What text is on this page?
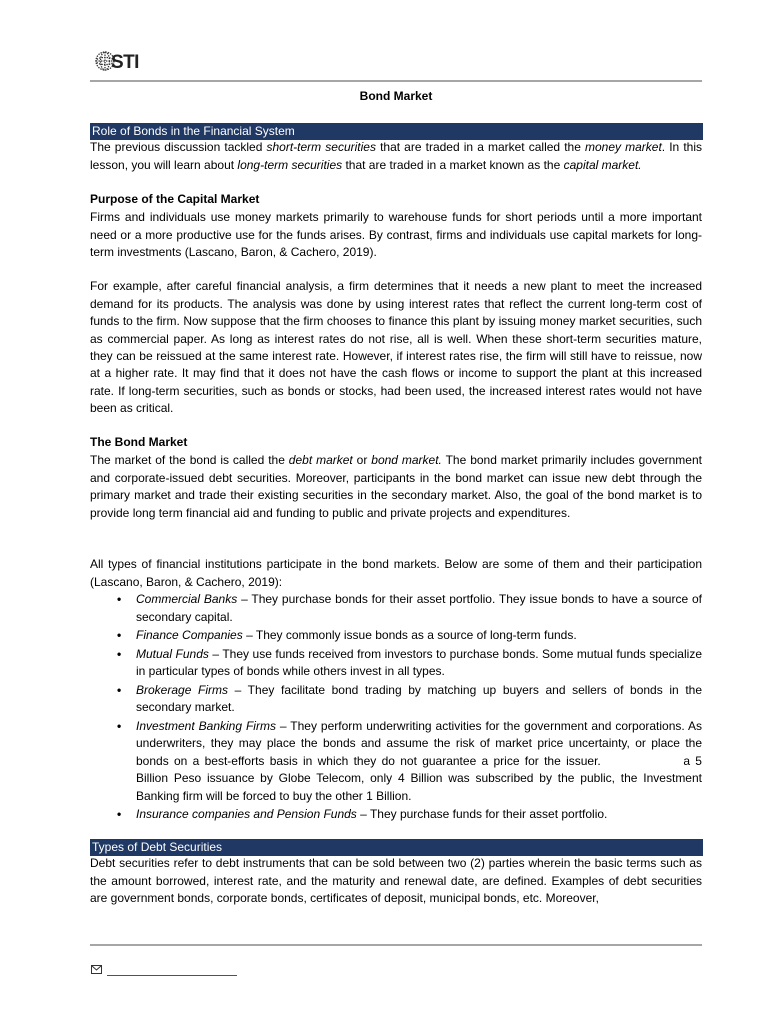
STI
Bond Market
Role of Bonds in the Financial System
The previous discussion tackled short-term securities that are traded in a market called the money market. In this lesson, you will learn about long-term securities that are traded in a market known as the capital market.
Purpose of the Capital Market
Firms and individuals use money markets primarily to warehouse funds for short periods until a more important need or a more productive use for the funds arises. By contrast, firms and individuals use capital markets for long-term investments (Lascano, Baron, & Cachero, 2019).
For example, after careful financial analysis, a firm determines that it needs a new plant to meet the increased demand for its products. The analysis was done by using interest rates that reflect the current long-term cost of funds to the firm. Now suppose that the firm chooses to finance this plant by issuing money market securities, such as commercial paper. As long as interest rates do not rise, all is well. When these short-term securities mature, they can be reissued at the same interest rate. However, if interest rates rise, the firm will still have to reissue, now at a higher rate. It may find that it does not have the cash flows or income to support the plant at this increased rate. If long-term securities, such as bonds or stocks, had been used, the increased interest rates would not have been as critical.
The Bond Market
The market of the bond is called the debt market or bond market. The bond market primarily includes government and corporate-issued debt securities. Moreover, participants in the bond market can issue new debt through the primary market and trade their existing securities in the secondary market. Also, the goal of the bond market is to provide long term financial aid and funding to public and private projects and expenditures.
All types of financial institutions participate in the bond markets. Below are some of them and their participation (Lascano, Baron, & Cachero, 2019):
• Commercial Banks – They purchase bonds for their asset portfolio. They issue bonds to have a source of secondary capital.
• Finance Companies – They commonly issue bonds as a source of long-term funds.
• Mutual Funds – They use funds received from investors to purchase bonds. Some mutual funds specialize in particular types of bonds while others invest in all types.
• Brokerage Firms – They facilitate bond trading by matching up buyers and sellers of bonds in the secondary market.
• Investment Banking Firms – They perform underwriting activities for the government and corporations. As underwriters, they may place the bonds and assume the risk of market price uncertainty, or place the bonds on a best-efforts basis in which they do not guarantee a price for the issuer.	a 5 Billion Peso issuance by Globe Telecom, only 4 Billion was subscribed by the public, the Investment Banking firm will be forced to buy the other 1 Billion.
• Insurance companies and Pension Funds – They purchase funds for their asset portfolio.
Types of Debt Securities
Debt securities refer to debt instruments that can be sold between two (2) parties wherein the basic terms such as the amount borrowed, interest rate, and the maturity and renewal date, are defined. Examples of debt securities are government bonds, corporate bonds, certificates of deposit, municipal bonds, etc. Moreover,
